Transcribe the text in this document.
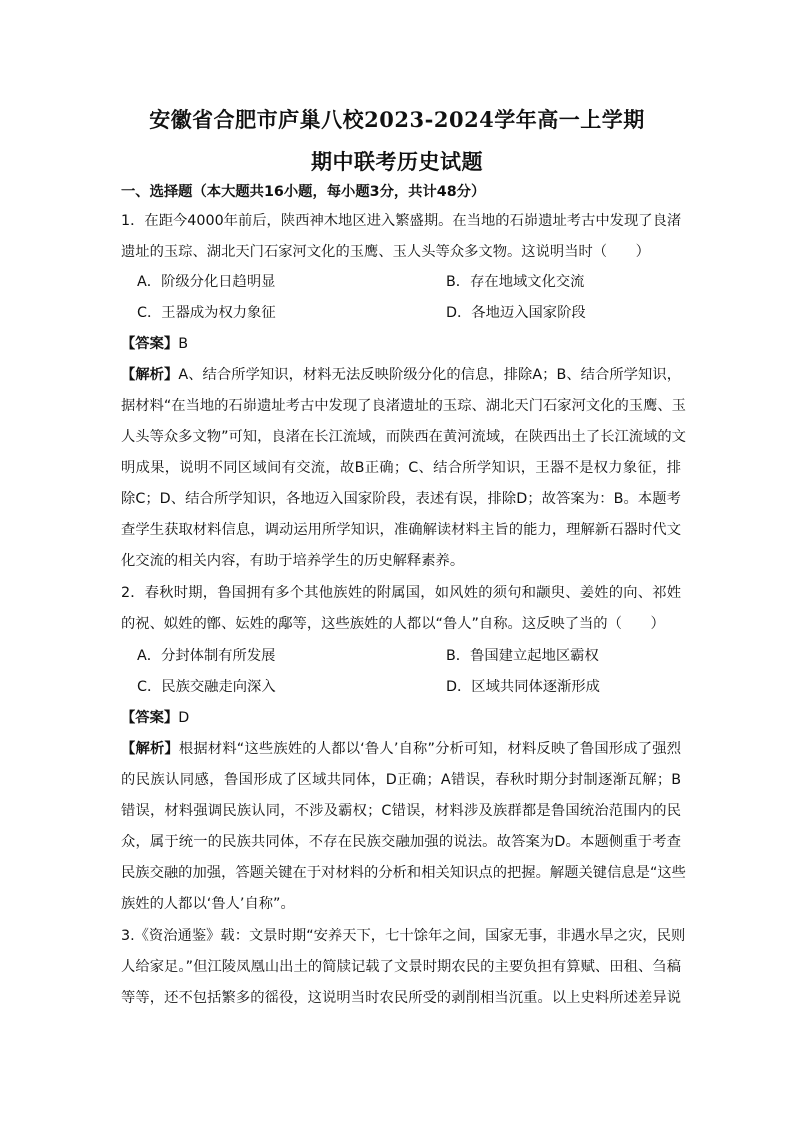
安徽省合肥市庐巢八校2023-2024学年高一上学期
期中联考历史试题
一、选择题（本大题共16小题，每小题3分，共计48分）
1．在距今4000年前后，陕西神木地区进入繁盛期。在当地的石峁遗址考古中发现了良渚
遗址的玉琮、湖北天门石家河文化的玉鹰、玉人头等众多文物。这说明当时（　　）
A．阶级分化日趋明显	B．存在地域文化交流
C．王器成为权力象征	D．各地迈入国家阶段
【答案】B
【解析】A、结合所学知识，材料无法反映阶级分化的信息，排除A；B、结合所学知识，
据材料“在当地的石峁遗址考古中发现了良渚遗址的玉琮、湖北天门石家河文化的玉鹰、玉
人头等众多文物”可知，良渚在长江流域，而陕西在黄河流域，在陕西出土了长江流域的文
明成果，说明不同区域间有交流，故B正确；C、结合所学知识，王器不是权力象征，排
除C；D、结合所学知识，各地迈入国家阶段，表述有误，排除D；故答案为：B。本题考
查学生获取材料信息，调动运用所学知识，准确解读材料主旨的能力，理解新石器时代文
化交流的相关内容，有助于培养学生的历史解释素养。
2．春秋时期，鲁国拥有多个其他族姓的附属国，如风姓的须句和颛臾、姜姓的向、祁姓
的祝、姒姓的鄫、妘姓的鄅等，这些族姓的人都以“鲁人”自称。这反映了当的（　　）
A．分封体制有所发展	B．鲁国建立起地区霸权
C．民族交融走向深入	D．区域共同体逐渐形成
【答案】D
【解析】根据材料“这些族姓的人都以‘鲁人’自称”分析可知，材料反映了鲁国形成了强烈
的民族认同感，鲁国形成了区域共同体，D正确；A错误，春秋时期分封制逐渐瓦解；B
错误，材料强调民族认同，不涉及霸权；C错误，材料涉及族群都是鲁国统治范围内的民
众，属于统一的民族共同体，不存在民族交融加强的说法。故答案为D。本题侧重于考查
民族交融的加强，答题关键在于对材料的分析和相关知识点的把握。解题关键信息是“这些
族姓的人都以‘鲁人’自称”。
3.《资治通鉴》载：文景时期“安养天下，七十馀年之间，国家无事，非遇水旱之灾，民则
人给家足。”但江陵凤凰山出土的简牍记载了文景时期农民的主要负担有算赋、田租、刍稿
等等，还不包括繁多的徭役，这说明当时农民所受的剥削相当沉重。以上史料所述差异说
